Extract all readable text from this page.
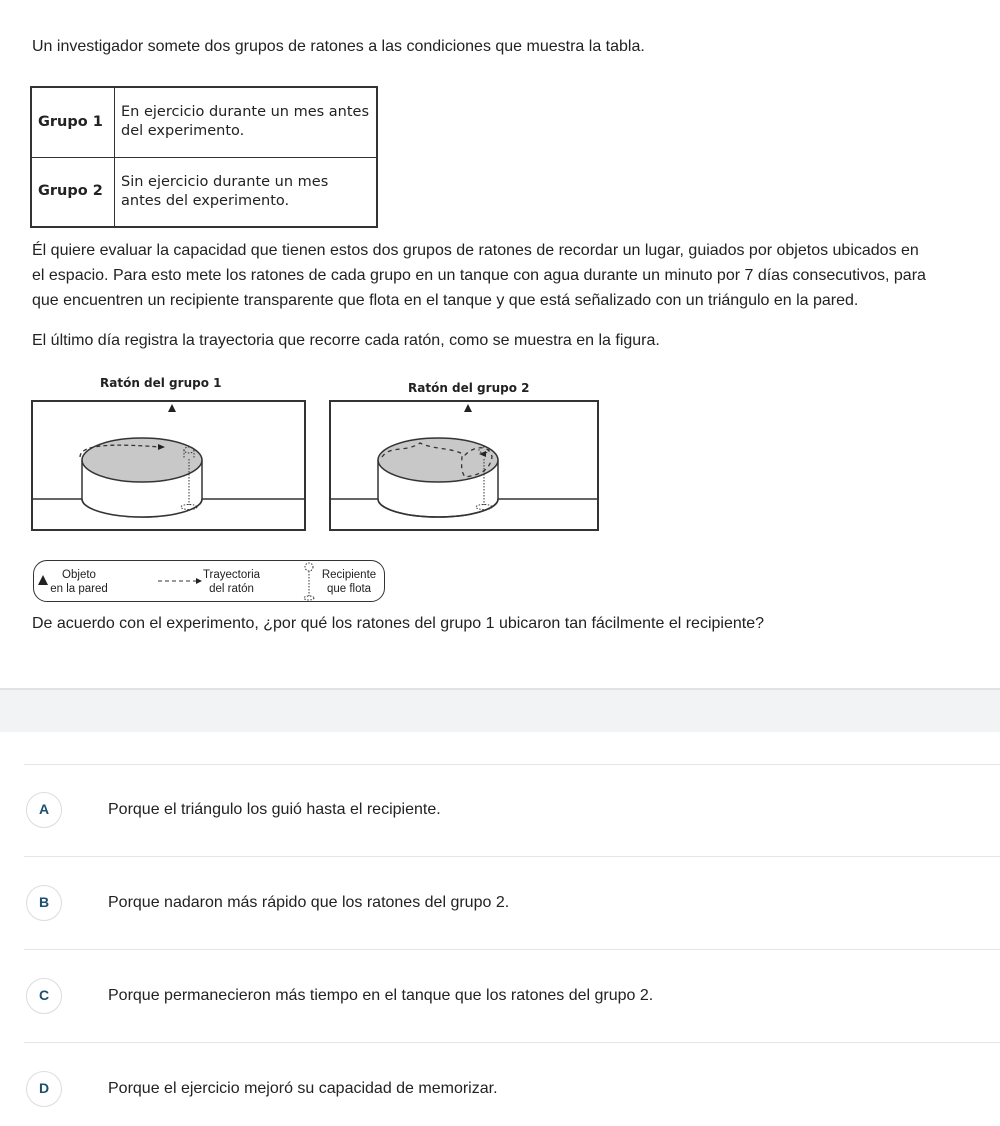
Un investigador somete dos grupos de ratones a las condiciones que muestra la tabla.
Grupo 1	En ejercicio durante un mes antes
del experimento.
Grupo 2	Sin ejercicio durante un mes
antes del experimento.
Él quiere evaluar la capacidad que tienen estos dos grupos de ratones de recordar un lugar, guiados por objetos ubicados en
el espacio. Para esto mete los ratones de cada grupo en un tanque con agua durante un minuto por 7 días consecutivos, para
que encuentren un recipiente transparente que flota en el tanque y que está señalizado con un triángulo en la pared.
El último día registra la trayectoria que recorre cada ratón, como se muestra en la figura.
Ratón del grupo 1	Ratón del grupo 2
Objeto
en la pared
Trayectoria
del ratón
Recipiente
que flota
De acuerdo con el experimento, ¿por qué los ratones del grupo 1 ubicaron tan fácilmente el recipiente?
A	Porque el triángulo los guió hasta el recipiente.
B	Porque nadaron más rápido que los ratones del grupo 2.
C	Porque permanecieron más tiempo en el tanque que los ratones del grupo 2.
D	Porque el ejercicio mejoró su capacidad de memorizar.
